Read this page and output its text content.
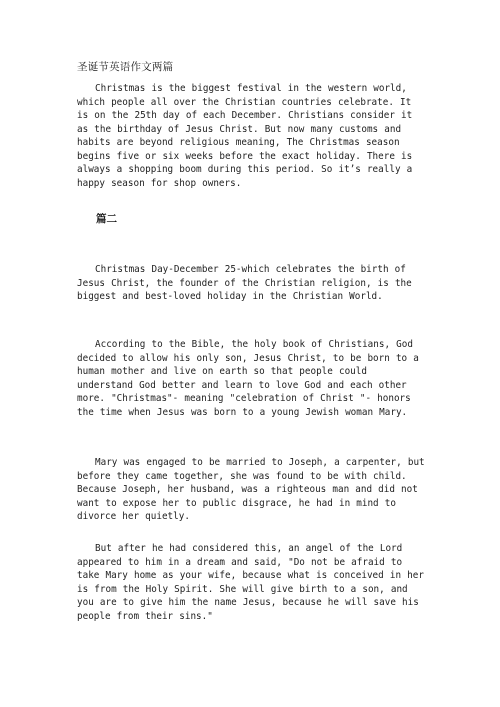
圣诞节英语作文两篇

Christmas is the biggest festival in the western world, which people all over the Christian countries celebrate. It is on the 25th day of each December. Christians consider it as the birthday of Jesus Christ. But now many customs and habits are beyond religious meaning, The Christmas season begins five or six weeks before the exact holiday. There is always a shopping boom during this period. So it’s really a happy season for shop owners.

篇二

Christmas Day-December 25-which celebrates the birth of Jesus Christ, the founder of the Christian religion, is the biggest and best-loved holiday in the Christian World.

According to the Bible, the holy book of Christians, God decided to allow his only son, Jesus Christ, to be born to a human mother and live on earth so that people could understand God better and learn to love God and each other more. "Christmas"- meaning "celebration of Christ "- honors the time when Jesus was born to a young Jewish woman Mary.

Mary was engaged to be married to Joseph, a carpenter, but before they came together, she was found to be with child. Because Joseph, her husband, was a righteous man and did not want to expose her to public disgrace, he had in mind to divorce her quietly.

But after he had considered this, an angel of the Lord appeared to him in a dream and said, "Do not be afraid to take Mary home as your wife, because what is conceived in her is from the Holy Spirit. She will give birth to a son, and you are to give him the name Jesus, because he will save his people from their sins."
